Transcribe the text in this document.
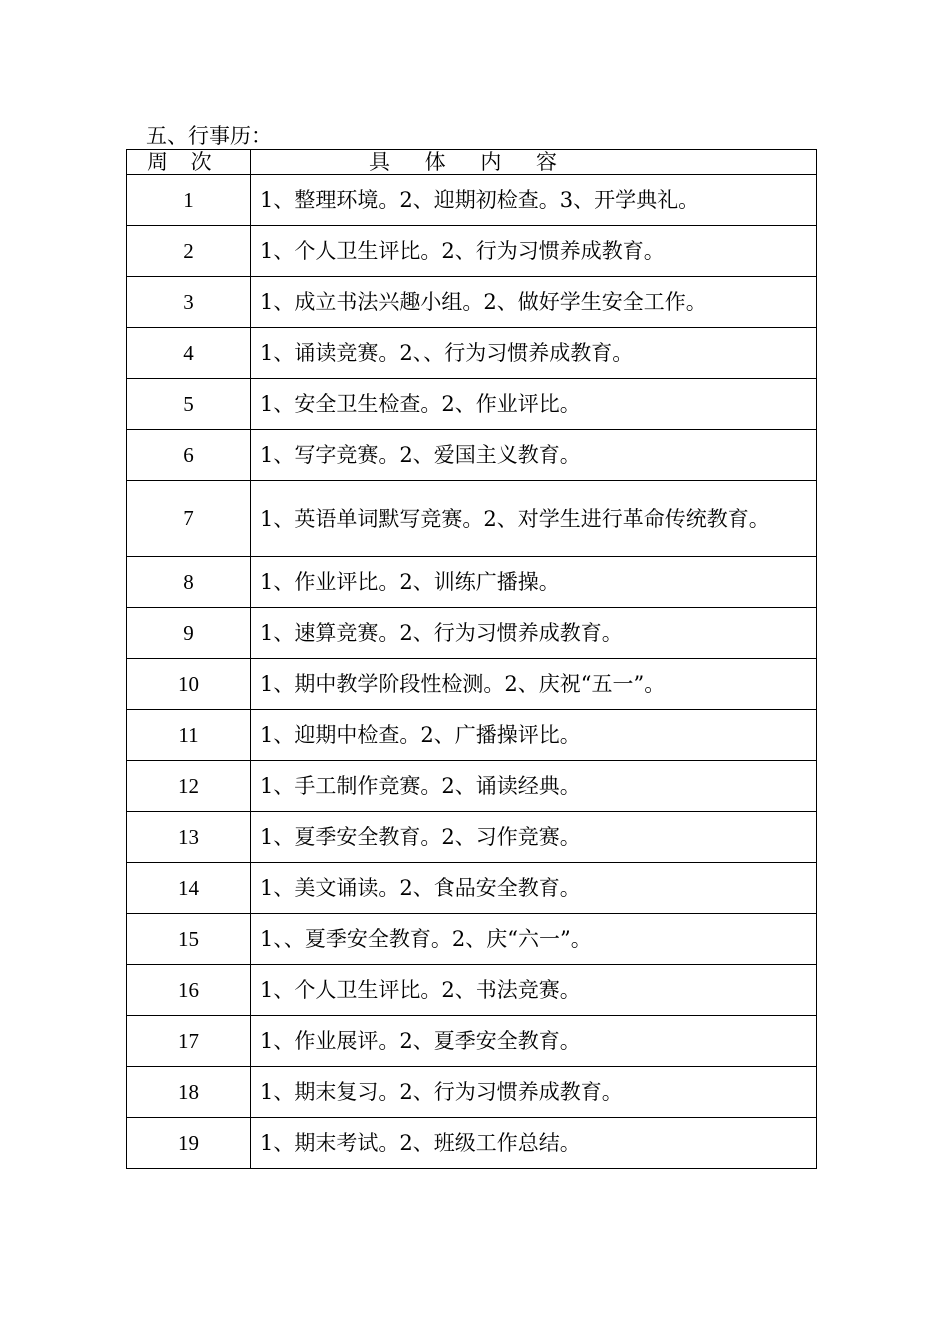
五、行事历：
周 次	具 体 内 容
1	1、整理环境。2、迎期初检查。3、开学典礼。
2	1、个人卫生评比。2、行为习惯养成教育。
3	1、成立书法兴趣小组。2、做好学生安全工作。
4	1、诵读竞赛。2、、行为习惯养成教育。
5	1、安全卫生检查。2、作业评比。
6	1、写字竞赛。2、爱国主义教育。
7	1、英语单词默写竞赛。2、对学生进行革命传统教育。
8	1、作业评比。2、训练广播操。
9	1、速算竞赛。2、行为习惯养成教育。
10	1、期中教学阶段性检测。2、庆祝“五一”。
11	1、迎期中检查。2、广播操评比。
12	1、手工制作竞赛。2、诵读经典。
13	1、夏季安全教育。2、习作竞赛。
14	1、美文诵读。2、食品安全教育。
15	1、、夏季安全教育。2、庆“六一”。
16	1、个人卫生评比。2、书法竞赛。
17	1、作业展评。2、夏季安全教育。
18	1、期末复习。2、行为习惯养成教育。
19	1、期末考试。2、班级工作总结。
